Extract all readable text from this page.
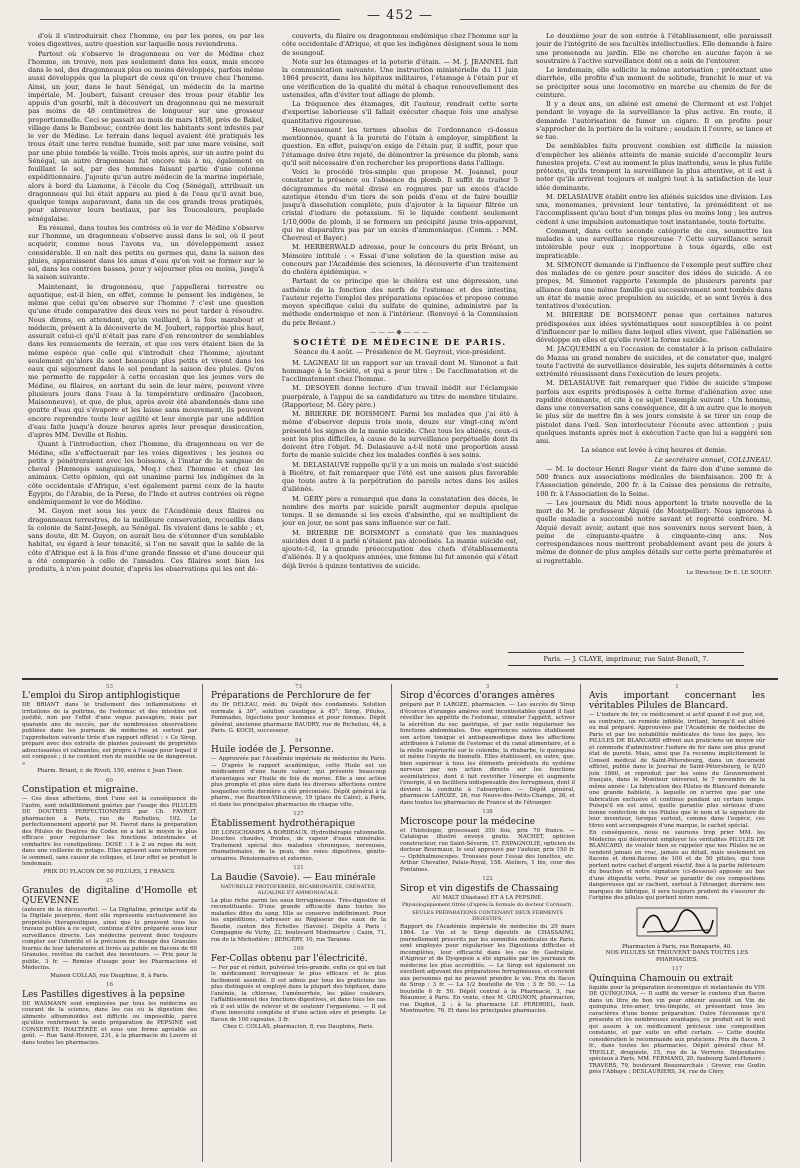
— 452 —

d'où il s'introduirait chez l'homme, ou par les pores, ou par les voies digestives, autre question sur laquelle nous reviendrons.

Partout où s'observe le dragonneau ou ver de Médine chez l'homme, on trouve, non pas seulement dans les eaux, mais encore dans le sol, des dragonneaux plus ou moins développés, parfois même aussi développés que la plupart de ceux qu'on trouve chez l'homme. Ainsi, un jour, dans le haut Sénégal, un médecin de la marine impériale, M. Joubert, faisant creuser des trous pour établir les appuis d'un gourbi, mit à découvert un dragonneau qui ne mesurait pas moins de 48 centimètres de longueur sur une grosseur proportionnelle. Ceci se passait au mois de mars 1858, près de Bakel, village dans le Bambouc, contrée dont les habitants sont infestés par le ver de Médine. Le terrain dans lequel avaient été pratiqués les trous était une terre rendue humide, soit par une mare voisine, soit par une pluie tombée la veille. Trois mois après, sur un autre point du Sénégal, un autre dragonneau fut encore mis à nu, également en fouillant le sol, par des hommes faisant partie d'une colonne expéditionnaire. J'ajoute qu'un autre médecin de la marine impériale, alors à bord du Liamone, à l'école du Coq (Sénégal), attribuait un dragonneau qui lui était apparu au pied à de l'eau qu'il avait bue, quelque temps auparavant, dans un de ces grands trous pratiqués, pour abreuver leurs bestiaux, par les Toucouleurs, peuplade sénégalaise.

En résumé, dans toutes les contrées où le ver de Médine s'observe sur l'homme, un dragonneau s'observe aussi dans le sol, où il peut acquérir, comme nous l'avons vu, un développement assez considérable. Il en naît des petits ou germes qui, dans la saison des pluies, apparaissent dans les amas d'eau qu'on voit se former sur le sol, dans les contrées basses, pour y séjourner plus ou moins, jusqu'à la saison suivante.

Maintenant, le dragonneau, que j'appellerai terrestre ou aquatique, est-il bien, en effet, comme le pensent les indigènes, le même que celui qu'on observe sur l'homme ? c'est une question qu'une étude comparative des deux vers ne peut tarder à résoudre. Nous dirons, en attendant, qu'un vieillard, à la fois marabout et médecin, présent à la découverte de M. Joubert, rapportée plus haut, assurait celui-ci qu'il n'était pas rare d'en rencontrer de semblables dans les remuements de terrain, et que ces vers étaient bien de la même espèce que celle qui s'introduit chez l'homme, ajoutant seulement qu'alors ils sont beaucoup plus petits et vivent dans les eaux qui séjournent dans le sol pendant la saison des pluies. Qu'on me permette de rappeler à cette occasion que les jeunes vers de Médine, ou filaires, en sortant du sein de leur mère, peuvent vivre plusieurs jours dans l'eau à la température ordinaire (Jacobson, Maisonneuve), et que, de plus, après avoir été abandonnés dans une goutte d'eau qui s'évapore et les laisse sans mouvement, ils peuvent encore reprendre toute leur agilité et leur énergie par une addition d'eau faite jusqu'à douze heures après leur presque dessiccation, d'après MM. Deville et Robin.

Quant à l'introduction, chez l'homme, du dragonneau ou ver de Médine, elle s'effectuerait par les voies digestives ; les jeunes ou petits y pénétreraient avec les boissons, à l'instar de la sangsue de cheval (Hæmopis sanguisuga, Moq.) chez l'homme et chez les animaux. Cette opinion, qui est unanime parmi les indigènes de la côte occidentale d'Afrique, s'est également parmi ceux de la haute Égypte, de l'Arabie, de la Perse, de l'Inde et autres contrées où règne endémiquement le ver de Médine.

M. Guyon met sous les yeux de l'Académie deux filaires ou dragonneaux terrestres, de la meilleure conservation, recueillis dans la colonie de Saint-Joseph, au Sénégal. Ils vivaient dans le sable ; et, sans doute, dit M. Guyon, on aurait lieu de s'étonner d'un semblable habitat, eu égard à leur tenacité, si l'on ne savait que le sable de la côte d'Afrique est à la fois d'une grande finesse et d'une douceur qui a été comparée à celle de l'amadou. Ces filaires sont bien les produits, à n'en point douter, d'après les observations qui les ont dé-

couverts, du filaire ou dragonneau endémique chez l'homme sur la côte occidentale d'Afrique, et que les indigènes désignent sous le nom de soungouf.

Note sur les étamages et la poterie d'étain. — M. J. JEANNEL fait la communication suivante. Une instruction ministérielle du 11 juin 1864 prescrit, dans les hôpitaux militaires, l'étamage à l'étain pur et une vérification de la qualité du métal à chaque renouvellement des ustensiles, afin d'éviter tout alliage de plomb.

La fréquence des étamages, dit l'auteur, rendrait cette sorte d'expertise laborieuse s'il fallait exécuter chaque fois une analyse quantitative rigoureuse.

Heureusement les termes absolus de l'ordonnance ci-dessus mentionnée, quant à la pureté de l'étain à employer, simplifient la question. En effet, puisqu'on exige de l'étain pur, il suffit, pour que l'étamage doive être rejeté, de démontrer la présence du plomb, sans qu'il soit nécessaire d'en rechercher les proportions dans l'alliage.

Voici le procédé très-simple que propose M. Jeannel, pour constater la présence ou l'absence du plomb. Il suffit de traiter 5 décigrammes du métal divisé en rognures par un excès d'acide azotique étendu d'un tiers de son poids d'eau et de faire bouillir jusqu'à dissolution complète, puis d'ajouter à la liqueur filtrée un cristal d'iodure de potassium. Si le liquide contient seulement 1/10,000e de plomb, il se formera un précipité jaune très-apparent, qui ne disparaîtra pas par un excès d'ammoniaque. (Comm. : MM. Chevreul et Bayer.)

M. HERBERWALD adresse, pour le concours du prix Bréant, un Mémoire intitulé : « Essai d'une solution de la question mise au concours par l'Académie des sciences, la découverte d'un traitement du choléra épidémique. »

Partant de ce principe que le choléra est une dépression, une asthénie de la fonction des nerfs de l'estomac et des intestins, l'auteur rejette l'emploi des préparations opiacées et propose comme moyen spécifique celui du sulfate de quinine, administré par la méthode endermique et non à l'intérieur. (Renvoyé à la Commission du prix Bréant.)

———◆———
SOCIÉTÉ DE MÉDECINE DE PARIS.
Séance du 4 août. — Présidence de M. Geyrout, vice-président.

M. LAGNEAU lit un rapport sur un travail dont M. Simonot a fait hommage à la Société, et qui a pour titre : De l'acclimatation et de l'acclimatement chez l'homme.

M. DESOYER donne lecture d'un travail inédit sur l'éclampsie puerpérale, à l'appui de sa candidature au titre de membre titulaire. (Rapporteur, M. Géry père.)

M. BRIERRE DE BOISMONT. Parmi les malades que j'ai été à même d'observer depuis trois mois, douze sur vingt-cinq m'ont présenté les signes de la manie suicide. Chez tous les aliénés, ceux-ci sont les plus difficiles, à cause de la surveillance perpétuelle dont ils doivent être l'objet. M. Delasiauve a-t-il noté une proportion aussi forte de manie suicide chez les malades confiés à ses soins.

M. DELASIAUVE rappelle qu'il y a un mois un malade s'est suicidé à Bicêtre, et fait remarquer que l'été est une saison plus favorable que toute autre à la perpétration de pareils actes dans les asiles d'aliénés.

M. GÉRY père a remarqué que dans la constatation des décès, le nombre des morts par suicide paraît augmenter depuis quelque temps. Il se demande si les excès d'absinthe, qui se multiplient de jour en jour, ne sont pas sans influence sur ce fait.

M. BRIERRE DE BOISMONT a constaté que les maniaques suicides dont il a parlé n'étaient pas alcoolisés. La manie suicide est, ajoute-t-il, la grande préoccupation des chefs d'établissements d'aliénés. Il y a quelques années, une femme lui fut amenée qui s'était déjà livrée à quinze tentatives de suicide.

Le deuxième jour de son entrée à l'établissement, elle paraissait jouir de l'intégrité de ses facultés intellectuelles. Elle demande à faire une promenade au jardin. Elle ne cherche en aucune façon à se soustraire à l'active surveillance dont on a soin de l'entourer.

Le lendemain, elle sollicite la même autorisation ; prétextant une diarrhée, elle profite d'un moment de solitude, franchit le mur et va se précipiter sous une locomotive en marche au chemin de fer de ceinture.

Il y a deux ans, un aliéné est amené de Clermont et est l'objet pendant le voyage de la surveillance la plus active. En route, il demande l'autorisation de fumer un cigare. Il en profite pour s'approcher de la portière de la voiture ; soudain il l'ouvre, se lance et se tue.

De semblables faits prouvent combien est difficile la mission d'empêcher les aliénés atteints de manie suicide d'accomplir leurs funestes projets. C'est au moment le plus inattendu, sous le plus futile prétexte, qu'ils trompent la surveillance la plus attentive, et il est à noter qu'ils arrivent toujours et malgré tout à la satisfaction de leur idée dominante.

M. DELASIAUVE établit entre les aliénés suicides une division. Les uns, monomanes, prévoient leur tentative, la préméditent et ne l'accomplissent qu'au bout d'un temps plus ou moins long ; les autres cèdent à une impulsion automatique tout instantanée, toute fortuite.

Comment, dans cette seconde catégorie de cas, soumettre les malades à une surveillance rigoureuse ? Cette surveillance serait intolérable pour eux ; inopportune à tous égards, elle est impraticable.

M. SIMONOT demande si l'influence de l'exemple peut suffire chez des malades de ce genre pour susciter des idées de suicide. A ce propos, M. Simonot rapporte l'exemple de plusieurs parents par alliance dans une même famille qui successivement sont tombés dans un état de manie avec propulsion au suicide, et se sont livrés à des tentatives d'exécution.

M. BRIERRE DE BOISMONT pense que certaines natures prédisposées aux idées systématiques sont susceptibles à ce point d'influencer par le milieu dans lequel elles vivent, que l'aliénation se développe en elles et qu'elle revêt la forme suicide.

M. JACQUEMIN a eu l'occasion de constater à la prison cellulaire de Mazas un grand nombre de suicides, et de constater que, malgré toute l'activité de surveillance désirable, les sujets déterminés à cette extrémité réussissent dans l'exécution de leurs projets.

M. DELASIAUVE fait remarquer que l'idée de suicide s'impose parfois aux esprits prédisposés à cette forme d'aliénation avec une rapidité étonnante, et cite à ce sujet l'exemple suivant : Un homme, dans une conversation sans conséquence, dit à un autre que le moyen le plus sûr de mettre fin à ses jours consiste à se tirer un coup de pistolet dans l'œil. Son interlocuteur l'écoute avec attention ; puis quelques instants après met à exécution l'acte que lui a suggéré son ami.

La séance est levée à cinq heures et demie.

Le secrétaire annuel, COLLINEAU.

— M. le docteur Henri Roger vient de faire don d'une somme de 500 francs aux associations médicales de bienfaisance. 200 fr. à l'Association générale, 200 fr. à la Caisse des pensions de retraite, 100 fr. à l'Association de la Seine.

— Les journaux du Midi nous apportent la triste nouvelle de la mort de M. le professeur Alquié (de Montpellier). Nous ignorons à quelle maladie a succombé notre savant et regretté confrère. M. Alquié devait avoir, autant que nos souvenirs nous servent bien, à peine de cinquante-quatre à cinquante-cinq ans. Nos correspondances nous mettront probablement avant peu de jours à même de donner de plus amples détails sur cette perte prématurée et si regrettable.

Le Directeur, Dr E. LE SOUEF.

Paris. — J. CLAYE, imprimeur, rue Saint-Benoît, 7.
53
L'emploi du Sirop antiphlogistique

DE BRIANT dans le traitement des inflammations et irritations de la poitrine, de l'estomac et des intestins est justifié, non par l'effet d'une vogue passagère, mais par quarante ans de succès, par de nombreuses observations publiées dans les journaux de médecine et surtout par l'approbation suivante tirée d'un rapport officiel : « Ce Sirop, préparé avec des extraits de plantes jouissant de propriétés adoucissantes et calmantes, est propre à l'usage pour lequel il est composé ; il ne contient rien de nuisible ou de dangereux. »

Pharm. Briant, r. de Rivoli, 150, entrée r. Jean Tison
60
Constipation et migraine.

— Ces deux affections, dont l'une est la conséquence de l'autre, sont infailliblement guéries par l'usage des PILULES DE DOUTRES PERFECTIONNÉES par Ch. FAVROT, pharmacien à Paris, rue de Richelieu, 102. Le perfectionnement apporté par M. Favrot dans la préparation des Pilules de Doutres du Codex en a fait le moyen le plus efficace pour régulariser les fonctions intestinales et combattre les constipations. DOSE : 1 à 2 au repas du soir, dans une cuillerée de potage. Elles agissent sans interrompre le sommeil, sans causer de coliques, et leur effet se produit le lendemain.

PRIX DU FLACON DE 50 PILULES, 2 FRANCS.
25
Granules de digitaline d'Homolle et QUEVENNE

(auteurs de la découverte). — La Digitaline, principe actif de la Digitale pourprée, dont elle représente exclusivement les propriétés thérapeutiques, ainsi que le prouvent tous les travaux publiés à ce sujet, continue d'être préparée sous leur surveillance directe. Les médecins peuvent donc toujours compter sur l'identité et la précision de dosage des Granules fournis de leur laboratoire et livrés au public en flacons de 60 Granules, revêtus du cachet des inventeurs. — Prix pour le public, 3 fr. — Remise d'usage pour les Pharmaciens et Médecins.

Maison COLLAS, rue Dauphine, 8, à Paris.
16
Les Pastilles digestives à la pepsine

DE WASMANN sont employées par tous les médecins au courant de la science, dans les cas où la digestion des aliments albuminoïdes est difficile ou impossible, parce qu'elles renferment la seule préparation de PEPSINE soit CONSERVÉE INALTÉRÉE et sous une forme agréable au goût. — Rue Saint-Honoré, 231, à la pharmacie du Louvre et dans toutes les pharmacies.

73
Préparations de Perchlorure de fer

du Dr DELEAU, méd. du Dépôt des condamnés. Solution normale à 30°, solution caustique à 45°; Sirop, Pilules, Pommades, Injections pour hommes et pour femmes. Dépôt général, ancienne pharmacie BAUDRY, rue de Richelieu, 44, à Paris. G. KOCH, successeur.

54
Huile iodée de J. Personne.

— Approuvée par l'Académie impériale de médecine de Paris. — D'après le rapport académique, cette Huile est un médicament d'une haute valeur, qui présente beaucoup d'avantages sur l'huile de foie de morue. Elle a une action plus prompte et plus sûre dans les diverses affections contre lesquelles cette dernière a été préconisée. Dépôt général à la pharm., rue Bourbon-Villeneuve, 19 (place du Caire), à Paris, et dans les principales pharmacies de chaque ville.

127
Établissement hydrothérapique

DE LONGCHAMPS A BORDEAUX. Hydrothérapie rationnelle. Douches chaudes, froides, de vapeur d'eaux minérales. Traitement spécial des maladies chroniques, nerveuses, rhumatismales, de la peau, des voies digestives, génito-urinaires. Pensionnaires et externes.

121
La Baudie (Savoie). — Eau minérale
NATURELLE PROTOFERRÉE, BICARBONATÉE, CRÉNATÉE, ALCALINE ET AMMONIACALE.

La plus riche parmi les eaux ferrugineuses. Très-digestive et reconstituante. D'une grande efficacité dans toutes les maladies dites du sang. Elle se conserve indéfiniment. Pour les expéditions, s'adresser au Régisseur des eaux de la Baudie, canton des Échelles (Savoie). Dépôts à Paris : Compagnie de Vichy, 22, boulevard Montmartre ; Cazin, 71, rue de la Michodière ; BERGÉRY, 10, rue Taranne.

109
Fer-Collas obtenu par l'électricité.

— Fer pur et réduit, pulvérisé très-grande, enfin ce qui en fait le médicament ferrugineux le plus efficace et le plus facilement assimilé. Il est admis par tous les praticiens les plus distingués et employé dans la plupart des hôpitaux, dans l'anémie, la chlorose, l'aménorrhée, les pâles couleurs, l'affaiblissement des fonctions digestives, et dans tous les cas où il est utile de relever et de soutenir l'organisme. — Il est d'une innocuité complète et d'une action sûre et prompte. Le flacon de 100 capsules, 3 fr.

Chez C. COLLAS, pharmacien, 8, rue Dauphine, Paris.
3
Sirop d'écorces d'oranges amères

préparé par P. LAROZE, pharmacien. — Les succès du Sirop d'écorces d'oranges amères sont incontestables quand il faut réveiller les appétits de l'estomac, stimuler l'appétit, activer la sécrétion du suc gastrique, et par suite régulariser les fonctions abdominales. Des expériences suivies établissent son action tonique et antispasmodique dans les affections attribuées à l'atonie de l'estomac et du canal alimentaire, et à la réelle supériorité sur le colombo, la rhubarbe, le quinquina et même l'oxyde de bismuth. Elles établissent, en outre, que, bien supérieur à tous les éléments précédents du système nerveux par son action directe sur les fonctions assimilatrices, dont il fait revivifier l'énergie et augmente l'énergie, il en facilitera indispensable des ferrugineux, dont il devient la conduite à l'absorption. — Dépôt général, pharmacie LAROZE, 26, rue Neuve-des-Petits-Champs, 26, et dans toutes les pharmacies de France et de l'étranger.

138
Microscope pour la médecine

et l'histologie, grossissant 350 fois, prix 70 francs. — Catalogue illustré envoyé gratis. NACHET, opticien constructeur, rue Saint-Séverin, 17. ESPAGNOLIE, opticien du docteur Bourmaux, le seul approuvé par l'auteur, prix 150 fr. — Ophthalmoscopes. Trousses pour l'essai des lunettes, etc. Arthur Chevalier, Palais-Royal, 158. Ateliers, 1 bis, cour des Fontaines.

122
Sirop et vin digestifs de Chassaing
AU MALT (Diastase) ET A LA PEPSINE.
Physiologiquement titrés (d'après la formule du docteur Corvisart).
SEULES PRÉPARATIONS CONTENANT DEUX FERMENTS DIGESTIFS.

Rapport de l'Académie impériale de médecine du 29 mars 1864. Le Vin et le Sirop digestifs de CHASSAING, journellement prescrits par les sommités médicales de Paris, sont employés pour régulariser les Digestions difficiles et incomplètes, leur efficacité dans les cas de Gastralgie, d'Aigreur et de Dyspepsie a été signalée par les journaux de médecine les plus accrédités. — Le Sirop est également un excellent adjuvant des préparations ferrugineuses, et convient aux personnes qui ne peuvent prendre le vin. Prix du flacon de Sirop : 3 fr. — La 1/2 bouteille de Vin : 3 fr. 50. — La bouteille 6 fr. 50. Dépôt central à la Pharmacie, 3, rue Réaumur, à Paris. En vente, chez M. GRIGNON, pharmacien, rue Duphot, 2 ; à la pharmacie LE PERDRIEL, faub. Montmartre, 76. Et dans les principales pharmacies.

1
Avis important concernant les véritables Pilules de Blancard.

— L'iodure de fer, ce médicament si actif quand il est pur, est, au contraire, un remède infidèle, irritant, lorsqu'il est altéré ou mal préparé. Approuvées par l'Académie de médecine de Paris et par les notabilités médicales de tous les pays, les PILULES DE BLANCARD offrent aux praticiens un moyen sûr et commode d'administrer l'iodure de fer dans son plus grand état de pureté. Mais, ainsi que l'a reconnu implicitement le Conseil médical de Saint-Pétersbourg, dans un document officiel, publié dans le Journal de Saint-Pétersbourg, le 8/20 juin 1860, et reproduit par les soins du Gouvernement français, dans le Moniteur universel, le 7 novembre de la même année : La fabrication des Pilules de Blancard demande une grande habileté, à laquelle on n'arrive que par une fabrication exclusive et continue pendant un certain temps. Puisqu'il en est ainsi, quelle garantie plus sérieuse d'une bonne confection de ces Pilules que le nom et la signature de leur inventeur, lorsque surtout, comme dans l'espèce, ces titres sont accompagnés d'une marque, le cachet spécial.

En conséquence, nous ne saurions trop prier MM. les Médecins qui désireront employer les véritables PILULES DE BLANCARD, de vouloir bien se rappeler que nos Pilules ne se vendent jamais en vrac, jamais au détail, mais seulement en flacons et demi-flacons de 100 et de 50 pilules, qui tous portent notre cachet d'argent réactif, fixé à la partie inférieure du bouchon et notre signature (ci-dessous) apposée au bas d'une étiquette verte. Pour se garantir de ces compositions dangereuses qui se cachent, surtout à l'étranger, derrière nos marques de fabrique, il sera toujours prudent de s'assurer de l'origine des pilules qui portent notre nom.

Pharmacien à Paris, rue Bonaparte, 40.
NOS PILULES SE TROUVENT DANS TOUTES LES PHARMACIES.
117
Quinquina Chamouin ou extrait

liquide pour la préparation économique et instantanée du VIN DE QUINQUINA. — Il suffit de verser le contenu d'un flacon dans un litre de bon vin pour obtenir aussitôt un Vin de quinquina très-amer, très-limpide, et présentant tous les caractères d'une bonne préparation. Outre l'économie qu'il présente et les nombreuses avantages, ce produit est le seul qui assure à un médicament précieux une composition constante, et par suite un effet certain. — Cette double considération le recommande aux praticiens. Prix du flacon, 3 fr., dans toutes les pharmacies. Dépôt général chez M. TREILLE, droguiste, 15, rue de la Verrerie. Dépositaires spéciaux à Paris, MM. FERMAND, 20, faubourg Saint-Honoré ; TRAVERS, 79, boulevard Beaumarchais ; Grover, rue Gozlin près l'Abbaye ; DESLAURIERS, 34, rue de Cléry.
